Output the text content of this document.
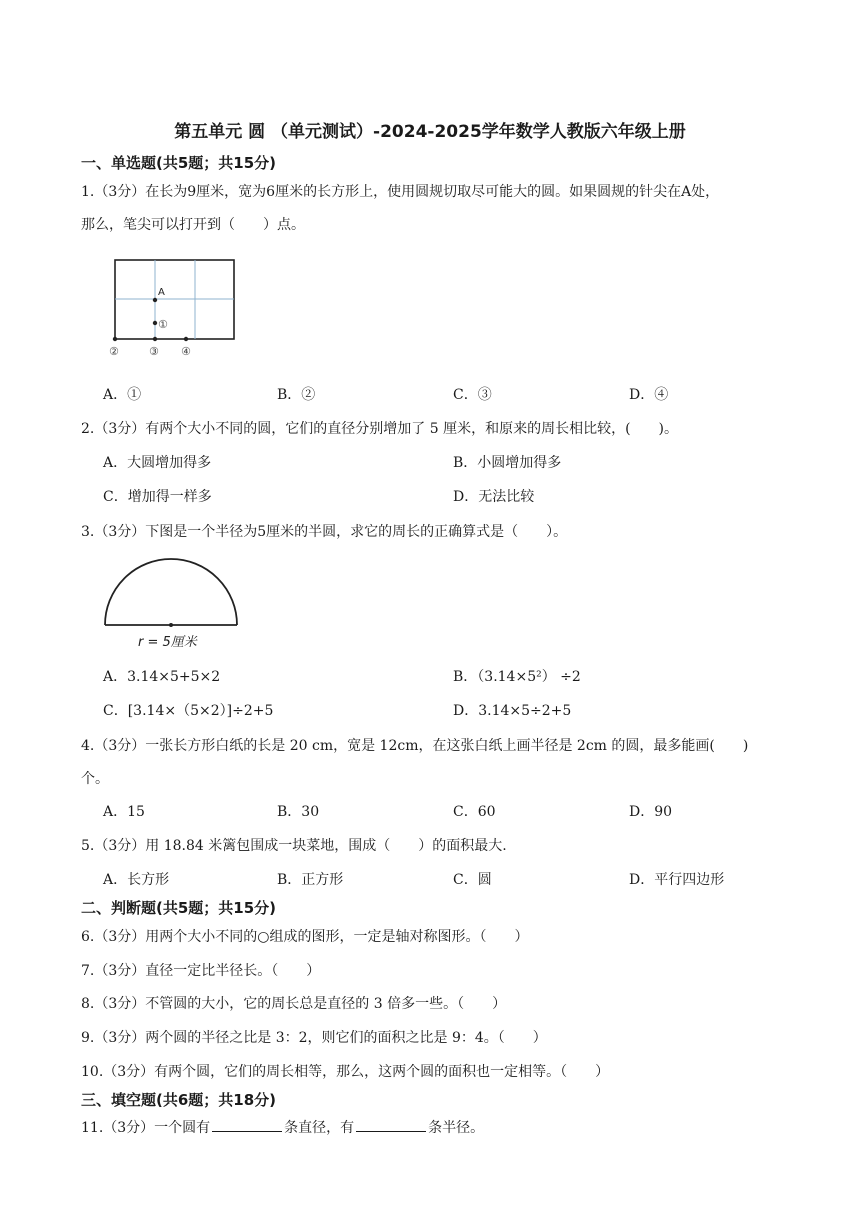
第五单元 圆 （单元测试）-2024-2025学年数学人教版六年级上册
一、单选题(共5题；共15分)
1.（3分）在长为9厘米，宽为6厘米的长方形上，使用圆规切取尽可能大的圆。如果圆规的针尖在A处，
那么，笔尖可以打开到（　　）点。
A
①
②	③ ④
A．①	B．②	C．③	D．④
2.（3分）有两个大小不同的圆，它们的直径分别增加了 5 厘米，和原来的周长相比较，(　　)。
A．大圆增加得多	B．小圆增加得多
C．增加得一样多	D．无法比较
3.（3分）下图是一个半径为5厘米的半圆，求它的周长的正确算式是（　　）。
r = 5厘米
A．3.14×5+5×2	B．（3.14×5²） ÷2
C．[3.14×（5×2）]÷2+5	D．3.14×5÷2+5
4.（3分）一张长方形白纸的长是 20 cm，宽是 12cm，在这张白纸上画半径是 2cm 的圆，最多能画(　　)
个。
A．15	B．30	C．60	D．90
5.（3分）用 18.84 米篱包围成一块菜地，围成（　　）的面积最大.
A．长方形	B．正方形	C．圆	D．平行四边形
二、判断题(共5题；共15分)
6.（3分）用两个大小不同的○组成的图形，一定是轴对称图形。（　　）
7.（3分）直径一定比半径长。（　　）
8.（3分）不管圆的大小，它的周长总是直径的 3 倍多一些。（　　）
9.（3分）两个圆的半径之比是 3：2，则它们的面积之比是 9：4。（　　）
10.（3分）有两个圆，它们的周长相等，那么，这两个圆的面积也一定相等。（　　）
三、填空题(共6题；共18分)
11.（3分）一个圆有	条直径，有	条半径。
